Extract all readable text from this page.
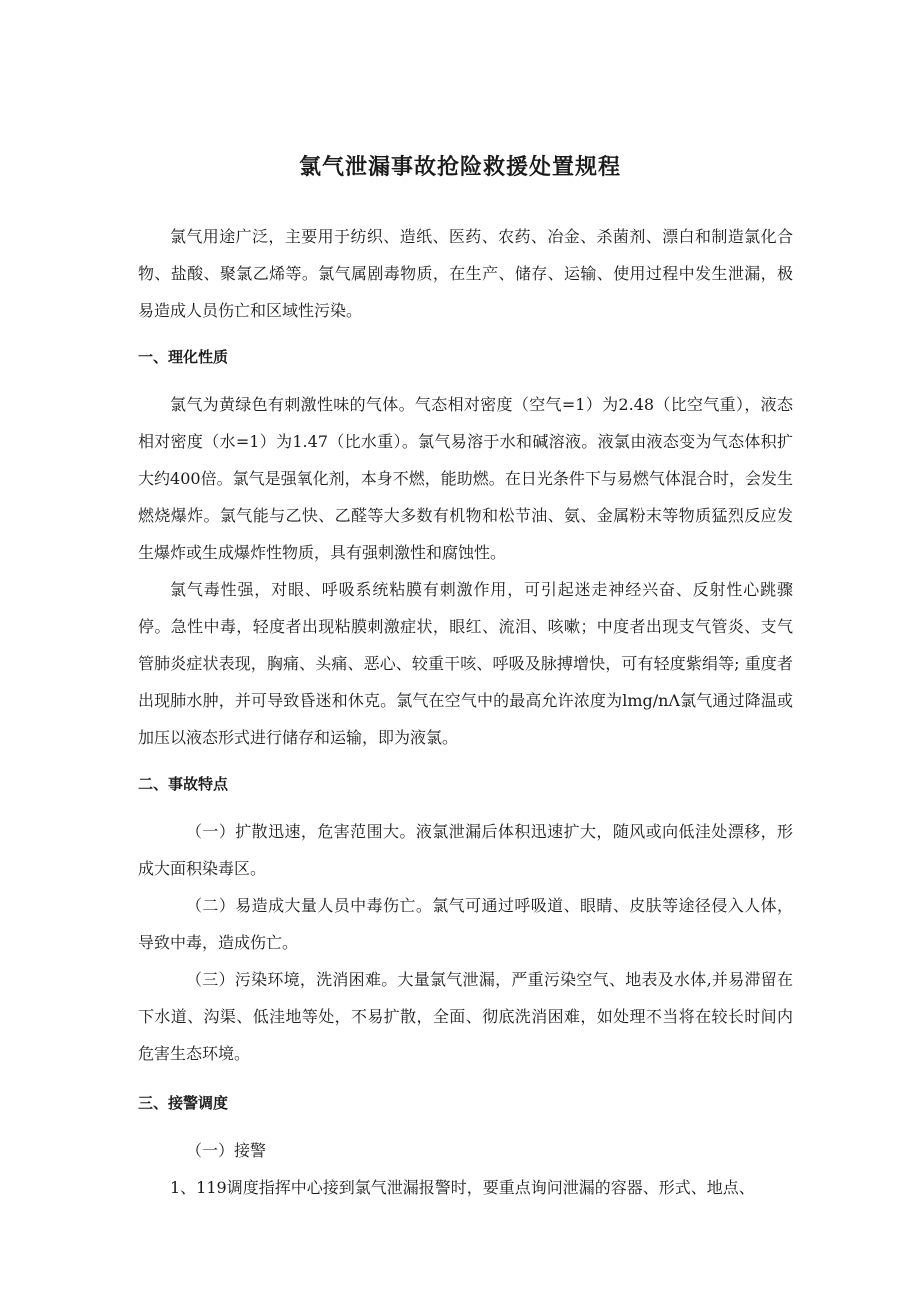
氯气泄漏事故抢险救援处置规程

氯气用途广泛，主要用于纺织、造纸、医药、农药、冶金、杀菌剂、漂白和制造氯化合物、盐酸、聚氯乙烯等。氯气属剧毒物质，在生产、储存、运输、使用过程中发生泄漏，极易造成人员伤亡和区域性污染。

一、理化性质

氯气为黄绿色有刺激性味的气体。气态相对密度（空气=1）为2.48（比空气重），液态相对密度（水=1）为1.47（比水重）。氯气易溶于水和碱溶液。液氯由液态变为气态体积扩大约400倍。氯气是强氧化剂，本身不燃，能助燃。在日光条件下与易燃气体混合时，会发生燃烧爆炸。氯气能与乙快、乙醛等大多数有机物和松节油、氨、金属粉末等物质猛烈反应发生爆炸或生成爆炸性物质，具有强刺激性和腐蚀性。

氯气毒性强，对眼、呼吸系统粘膜有刺激作用，可引起迷走神经兴奋、反射性心跳骤停。急性中毒，轻度者出现粘膜刺激症状，眼红、流泪、咳嗽；中度者出现支气管炎、支气管肺炎症状表现，胸痛、头痛、恶心、较重干咳、呼吸及脉搏增快，可有轻度紫绢等; 重度者出现肺水肿，并可导致昏迷和休克。氯气在空气中的最高允许浓度为lmg∕nΛ氯气通过降温或加压以液态形式进行储存和运输，即为液氯。

二、事故特点

（一）扩散迅速，危害范围大。液氯泄漏后体积迅速扩大，随风或向低洼处漂移，形成大面积染毒区。

（二）易造成大量人员中毒伤亡。氯气可通过呼吸道、眼睛、皮肤等途径侵入人体，导致中毒，造成伤亡。

（三）污染环境，洗消困难。大量氯气泄漏，严重污染空气、地表及水体,并易滞留在下水道、沟渠、低洼地等处，不易扩散，全面、彻底洗消困难，如处理不当将在较长时间内危害生态环境。

三、接警调度

（一）接警

1、119调度指挥中心接到氯气泄漏报警时，要重点询问泄漏的容器、形式、地点、
